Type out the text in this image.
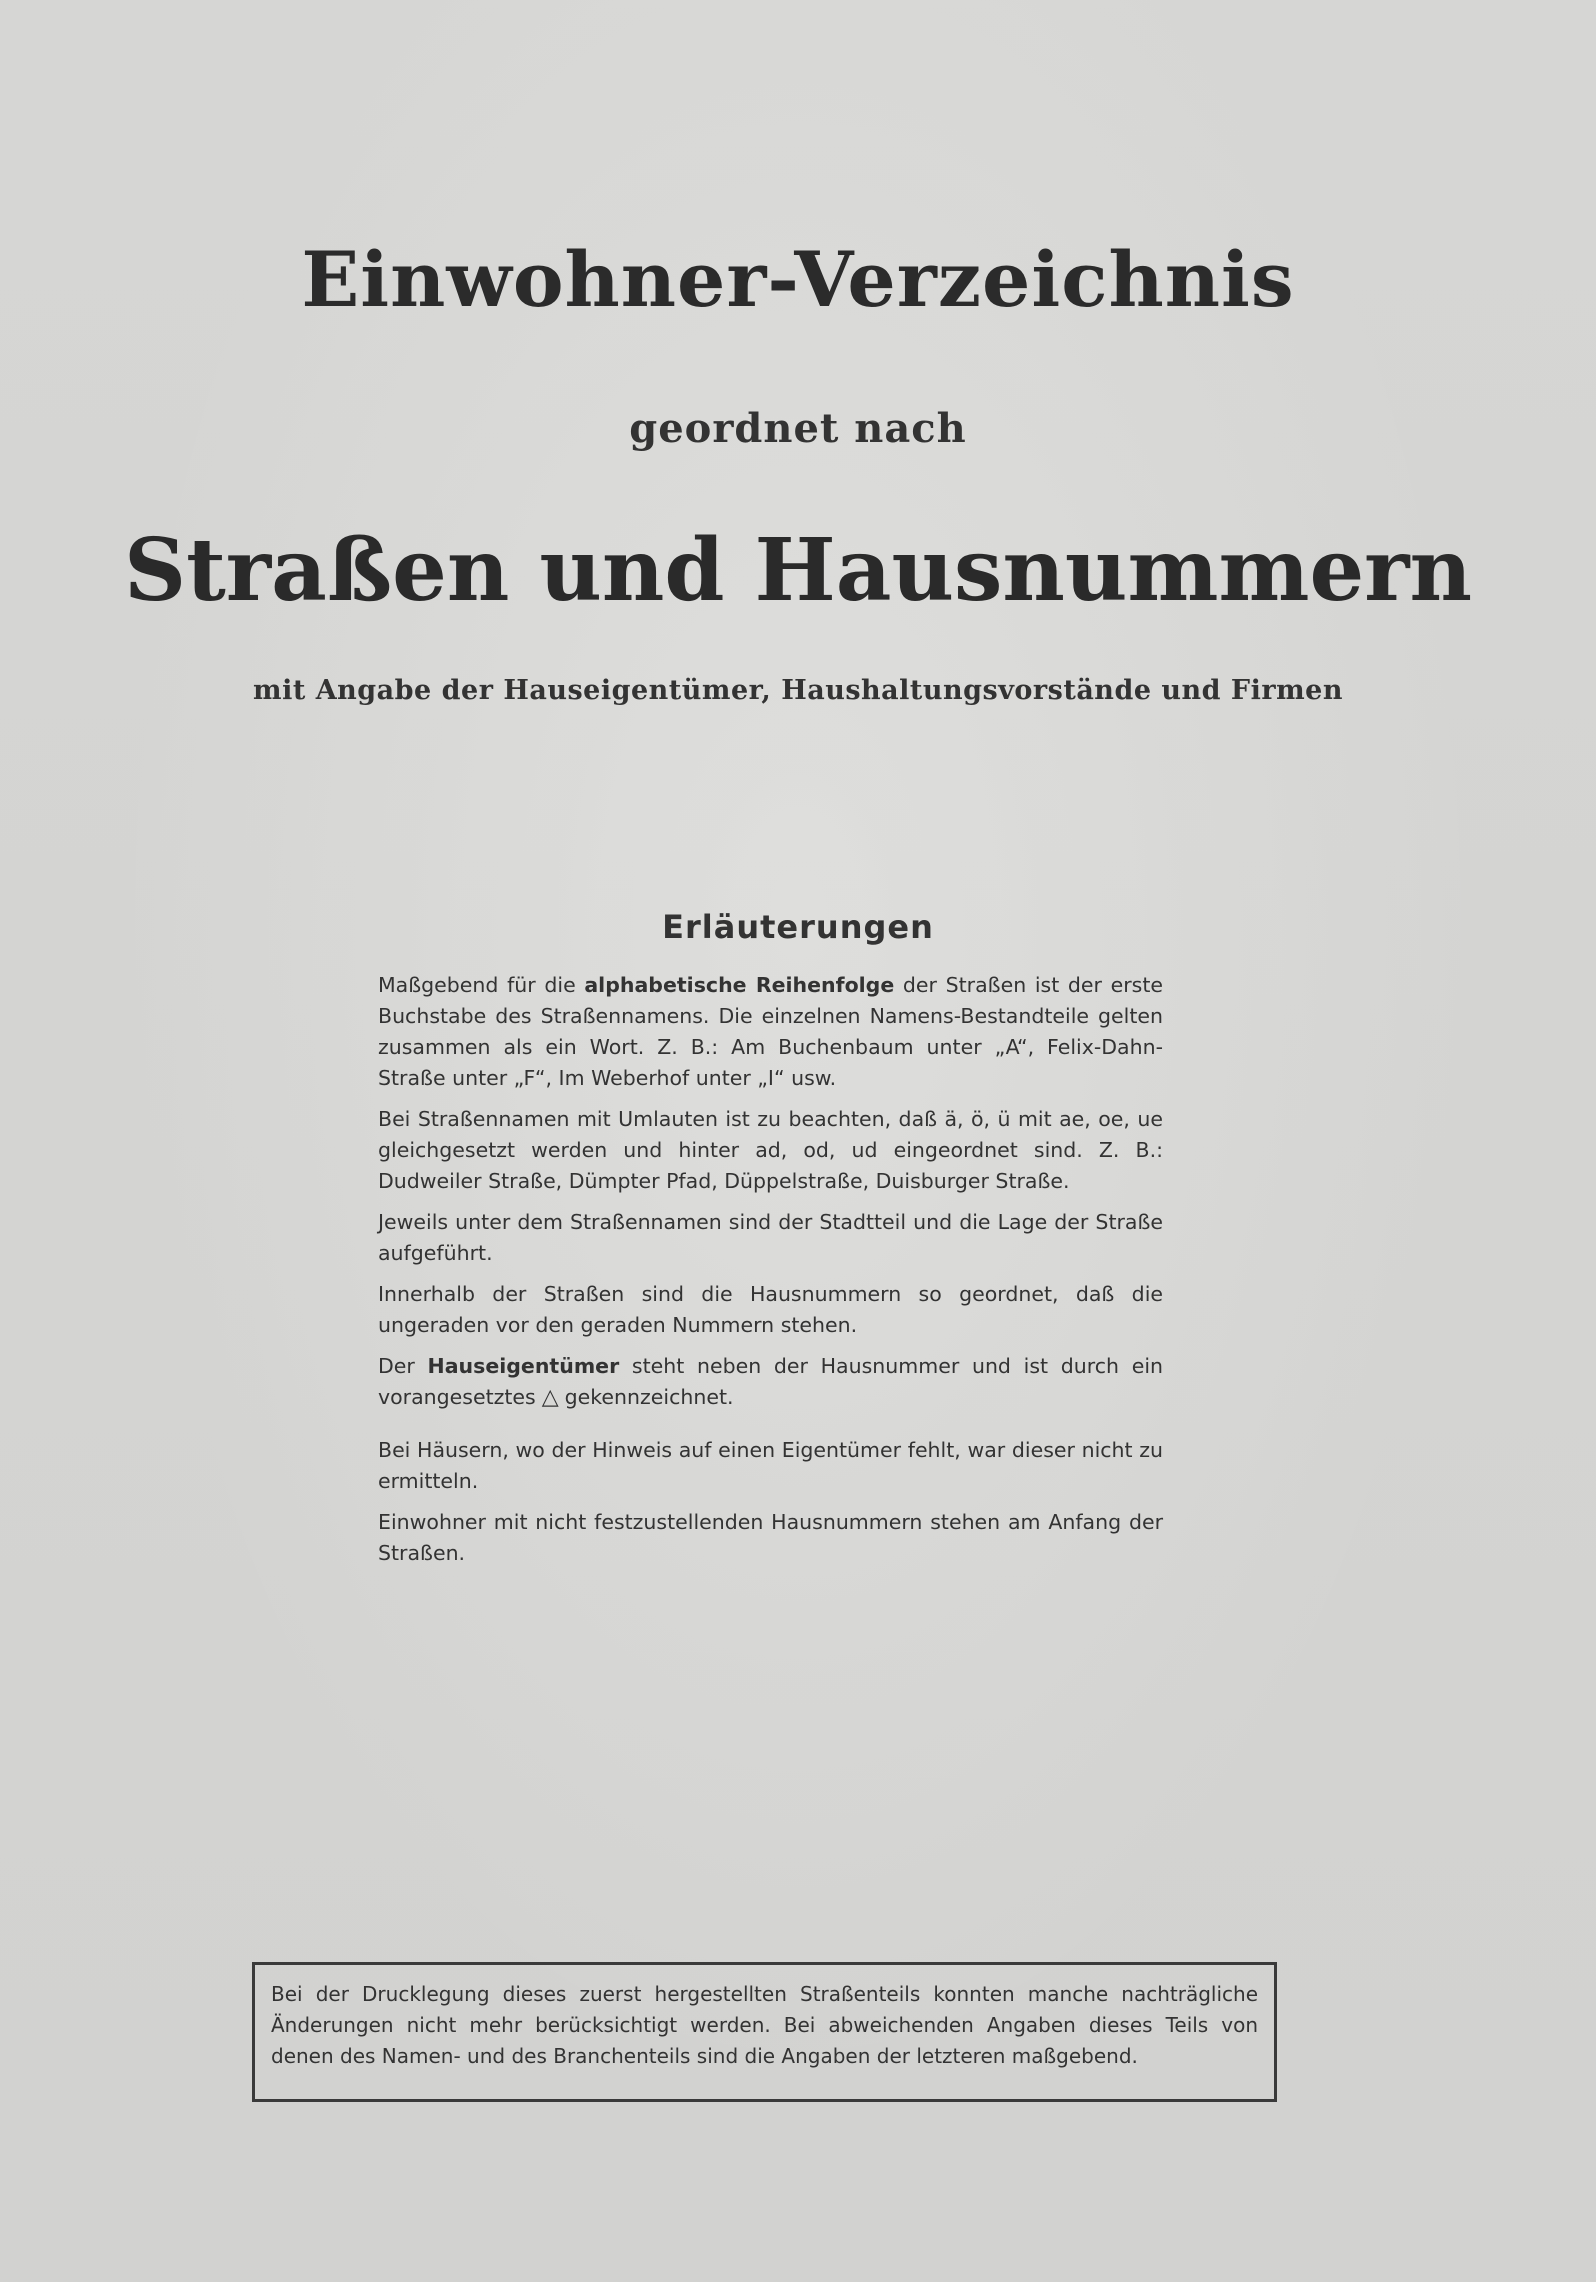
Einwohner-Verzeichnis
geordnet nach
Straßen und Hausnummern
mit Angabe der Hauseigentümer, Haushaltungsvorstände und Firmen
Erläuterungen

Maßgebend für die alphabetische Reihenfolge der Straßen ist der erste Buchstabe des Straßennamens. Die einzelnen Namens-Bestandteile gelten zusammen als ein Wort. Z. B.: Am Buchenbaum unter „A“, Felix-Dahn-Straße unter „F“, Im Weberhof unter „I“ usw.

Bei Straßennamen mit Umlauten ist zu beachten, daß ä, ö, ü mit ae, oe, ue gleichgesetzt werden und hinter ad, od, ud eingeordnet sind. Z. B.: Dudweiler Straße, Dümpter Pfad, Düppelstraße, Duisburger Straße.

Jeweils unter dem Straßennamen sind der Stadtteil und die Lage der Straße aufgeführt.

Innerhalb der Straßen sind die Hausnummern so geordnet, daß die ungeraden vor den geraden Nummern stehen.

Der Hauseigentümer steht neben der Hausnummer und ist durch ein vorangesetztes △ gekennzeichnet.

Bei Häusern, wo der Hinweis auf einen Eigentümer fehlt, war dieser nicht zu ermitteln.

Einwohner mit nicht festzustellenden Hausnummern stehen am Anfang der Straßen.

Bei der Drucklegung dieses zuerst hergestellten Straßenteils konnten manche nachträgliche Änderungen nicht mehr berücksichtigt werden. Bei abweichenden Angaben dieses Teils von denen des Namen- und des Branchenteils sind die Angaben der letzteren maßgebend.
